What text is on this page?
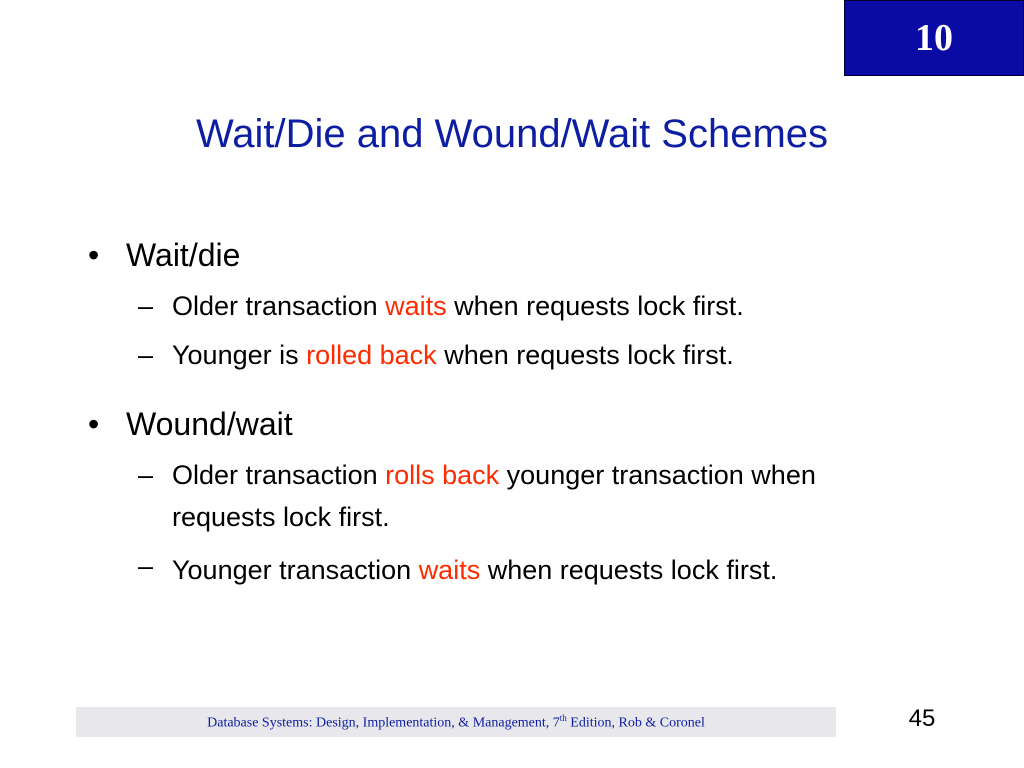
10
Wait/Die and Wound/Wait Schemes
• Wait/die
– Older transaction waits when requests lock first.
– Younger is rolled back when requests lock first.
• Wound/wait
– Older transaction rolls back younger transaction when requests lock first.
– Younger transaction waits when requests lock first.
Database Systems: Design, Implementation, & Management, 7th Edition, Rob & Coronel	45
